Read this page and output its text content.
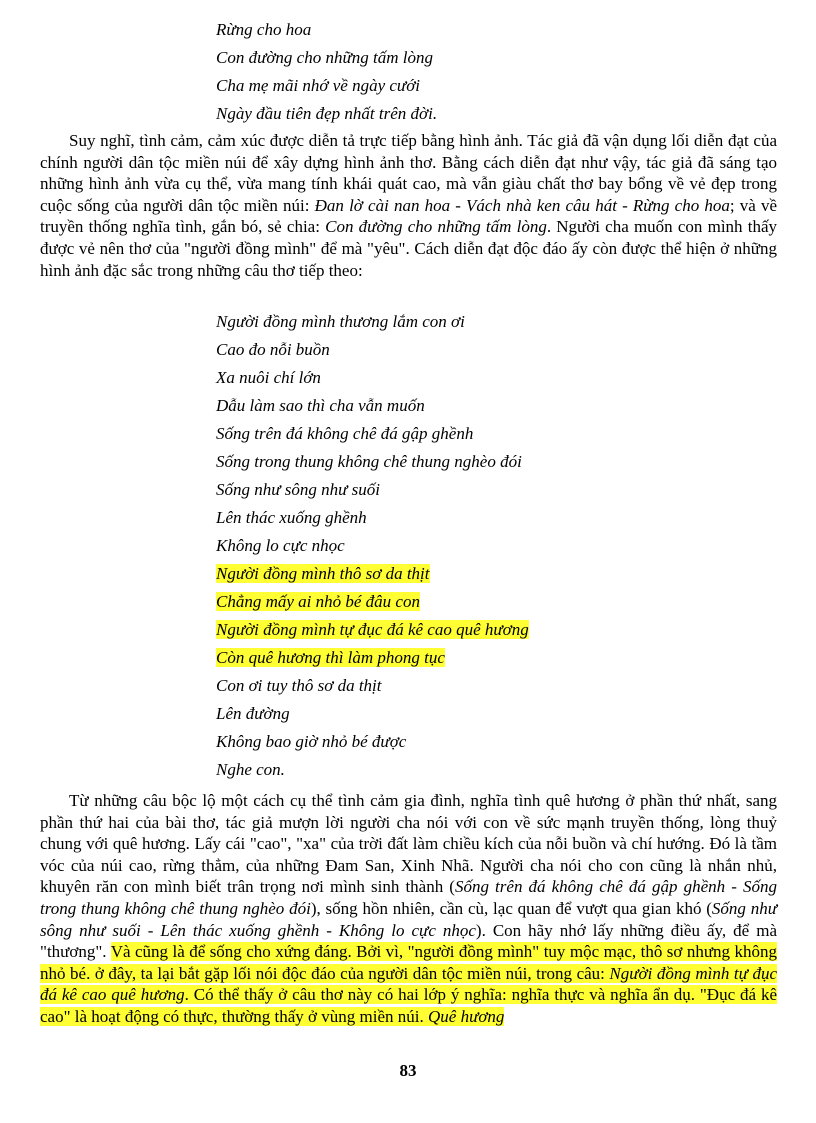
Rừng cho hoa
Con đường cho những tấm lòng
Cha mẹ mãi nhớ về ngày cưới
Ngày đầu tiên đẹp nhất trên đời.

Suy nghĩ, tình cảm, cảm xúc được diễn tả trực tiếp bằng hình ảnh. Tác giả đã vận dụng lối diễn đạt của chính người dân tộc miền núi để xây dựng hình ảnh thơ. Bằng cách diễn đạt như vậy, tác giả đã sáng tạo những hình ảnh vừa cụ thể, vừa mang tính khái quát cao, mà vẫn giàu chất thơ bay bổng về vẻ đẹp trong cuộc sống của người dân tộc miền núi: Đan lờ cài nan hoa - Vách nhà ken câu hát - Rừng cho hoa; và về truyền thống nghĩa tình, gắn bó, sẻ chia: Con đường cho những tấm lòng. Người cha muốn con mình thấy được vẻ nên thơ của "người đồng mình" để mà "yêu". Cách diễn đạt độc đáo ấy còn được thể hiện ở những hình ảnh đặc sắc trong những câu thơ tiếp theo:

Người đồng mình thương lắm con ơi
Cao đo nỗi buồn
Xa nuôi chí lớn
Dẫu làm sao thì cha vẫn muốn
Sống trên đá không chê đá gập ghềnh
Sống trong thung không chê thung nghèo đói
Sống như sông như suối
Lên thác xuống ghềnh
Không lo cực nhọc
Người đồng mình thô sơ da thịt
Chẳng mấy ai nhỏ bé đâu con
Người đồng mình tự đục đá kê cao quê hương
Còn quê hương thì làm phong tục
Con ơi tuy thô sơ da thịt
Lên đường
Không bao giờ nhỏ bé được
Nghe con.

Từ những câu bộc lộ một cách cụ thể tình cảm gia đình, nghĩa tình quê hương ở phần thứ nhất, sang phần thứ hai của bài thơ, tác giả mượn lời người cha nói với con về sức mạnh truyền thống, lòng thuỷ chung với quê hương. Lấy cái "cao", "xa" của trời đất làm chiều kích của nỗi buồn và chí hướng. Đó là tầm vóc của núi cao, rừng thẳm, của những Đam San, Xinh Nhã. Người cha nói cho con cũng là nhắn nhủ, khuyên răn con mình biết trân trọng nơi mình sinh thành (Sống trên đá không chê đá gập ghềnh - Sống trong thung không chê thung nghèo đói), sống hồn nhiên, cần cù, lạc quan để vượt qua gian khó (Sống như sông như suối - Lên thác xuống ghềnh - Không lo cực nhọc). Con hãy nhớ lấy những điều ấy, để mà "thương". Và cũng là để sống cho xứng đáng. Bởi vì, "người đồng mình" tuy mộc mạc, thô sơ nhưng không nhỏ bé. ở đây, ta lại bắt gặp lối nói độc đáo của người dân tộc miền núi, trong câu: Người đồng mình tự đục đá kê cao quê hương. Có thể thấy ở câu thơ này có hai lớp ý nghĩa: nghĩa thực và nghĩa ẩn dụ. "Đục đá kê cao" là hoạt động có thực, thường thấy ở vùng miền núi. Quê hương

83
